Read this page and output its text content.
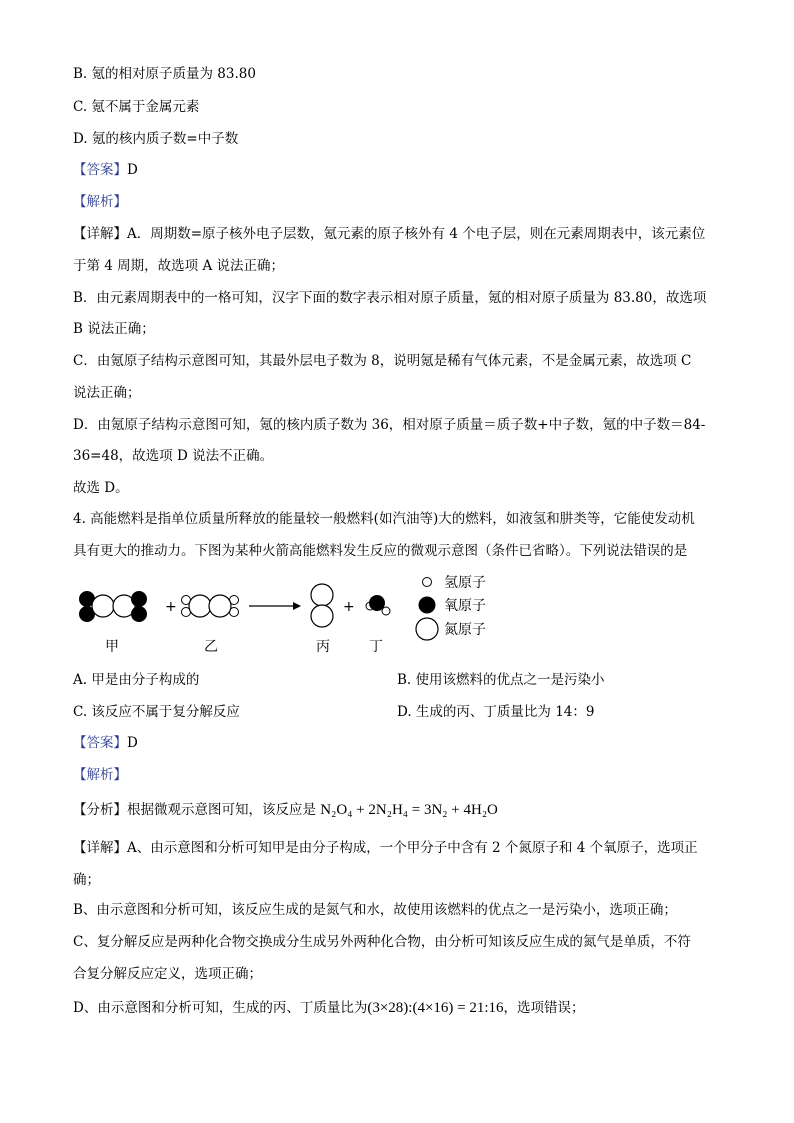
B. 氪的相对原子质量为 83.80
C. 氪不属于金属元素
D. 氪的核内质子数=中子数
【答案】D
【解析】
【详解】A．周期数=原子核外电子层数，氪元素的原子核外有 4 个电子层，则在元素周期表中，该元素位
于第 4 周期，故选项 A 说法正确；
B．由元素周期表中的一格可知，汉字下面的数字表示相对原子质量，氪的相对原子质量为 83.80，故选项
B 说法正确；
C．由氪原子结构示意图可知，其最外层电子数为 8，说明氪是稀有气体元素，不是金属元素，故选项 C
说法正确；
D．由氪原子结构示意图可知，氪的核内质子数为 36，相对原子质量＝质子数+中子数，氪的中子数＝84-
36=48，故选项 D 说法不正确。
故选 D。
4. 高能燃料是指单位质量所释放的能量较一般燃料(如汽油等)大的燃料，如液氢和肼类等，它能使发动机
具有更大的推动力。下图为某种火箭高能燃料发生反应的微观示意图（条件已省略）。下列说法错误的是
+	+
甲	乙	丙	丁
氢原子
氧原子
氮原子
A. 甲是由分子构成的	B. 使用该燃料的优点之一是污染小
C. 该反应不属于复分解反应	D. 生成的丙、丁质量比为 14：9
【答案】D
【解析】
【分析】根据微观示意图可知，该反应是 N₂O₄ + 2N₂H₄ = 3N₂ + 4H₂O
【详解】A、由示意图和分析可知甲是由分子构成，一个甲分子中含有 2 个氮原子和 4 个氧原子，选项正
确；
B、由示意图和分析可知，该反应生成的是氮气和水，故使用该燃料的优点之一是污染小，选项正确；
C、复分解反应是两种化合物交换成分生成另外两种化合物，由分析可知该反应生成的氮气是单质，不符
合复分解反应定义，选项正确；
D、由示意图和分析可知，生成的丙、丁质量比为(3×28):(4×16) = 21:16，选项错误；
